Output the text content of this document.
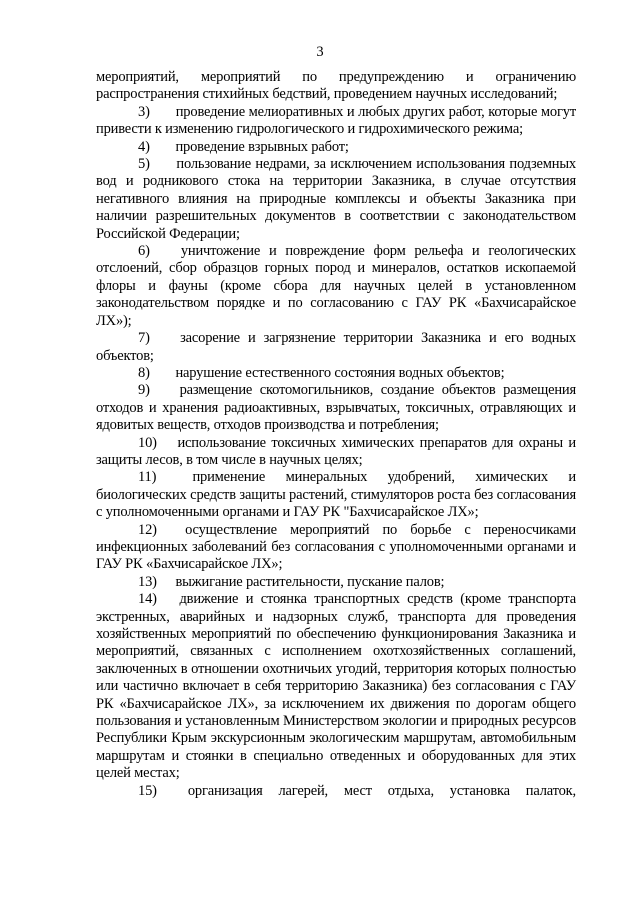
3

мероприятий, мероприятий по предупреждению и ограничению распространения стихийных бедствий, проведением научных исследований;

3) проведение мелиоративных и любых других работ, которые могут привести к изменению гидрологического и гидрохимического режима;

4) проведение взрывных работ;

5) пользование недрами, за исключением использования подземных вод и родникового стока на территории Заказника, в случае отсутствия негативного влияния на природные комплексы и объекты Заказника при наличии разрешительных документов в соответствии с законодательством Российской Федерации;

6) уничтожение и повреждение форм рельефа и геологических отслоений, сбор образцов горных пород и минералов, остатков ископаемой флоры и фауны (кроме сбора для научных целей в установленном законодательством порядке и по согласованию с ГАУ РК «Бахчисарайское ЛХ»);

7) засорение и загрязнение территории Заказника и его водных объектов;

8) нарушение естественного состояния водных объектов;

9) размещение скотомогильников, создание объектов размещения отходов и хранения радиоактивных, взрывчатых, токсичных, отравляющих и ядовитых веществ, отходов производства и потребления;

10) использование токсичных химических препаратов для охраны и защиты лесов, в том числе в научных целях;

11) применение минеральных удобрений, химических и биологических средств защиты растений, стимуляторов роста без согласования с уполномоченными органами и ГАУ РК "Бахчисарайское ЛХ»;

12) осуществление мероприятий по борьбе с переносчиками инфекционных заболеваний без согласования с уполномоченными органами и ГАУ РК «Бахчисарайское ЛХ»;

13) выжигание растительности, пускание палов;

14) движение и стоянка транспортных средств (кроме транспорта экстренных, аварийных и надзорных служб, транспорта для проведения хозяйственных мероприятий по обеспечению функционирования Заказника и мероприятий, связанных с исполнением охотхозяйственных соглашений, заключенных в отношении охотничьих угодий, территория которых полностью или частично включает в себя территорию Заказника) без согласования с ГАУ РК «Бахчисарайское ЛХ», за исключением их движения по дорогам общего пользования и установленным Министерством экологии и природных ресурсов Республики Крым экскурсионным экологическим маршрутам, автомобильным маршрутам и стоянки в специально отведенных и оборудованных для этих целей местах;

15) организация лагерей, мест отдыха, установка палаток,
